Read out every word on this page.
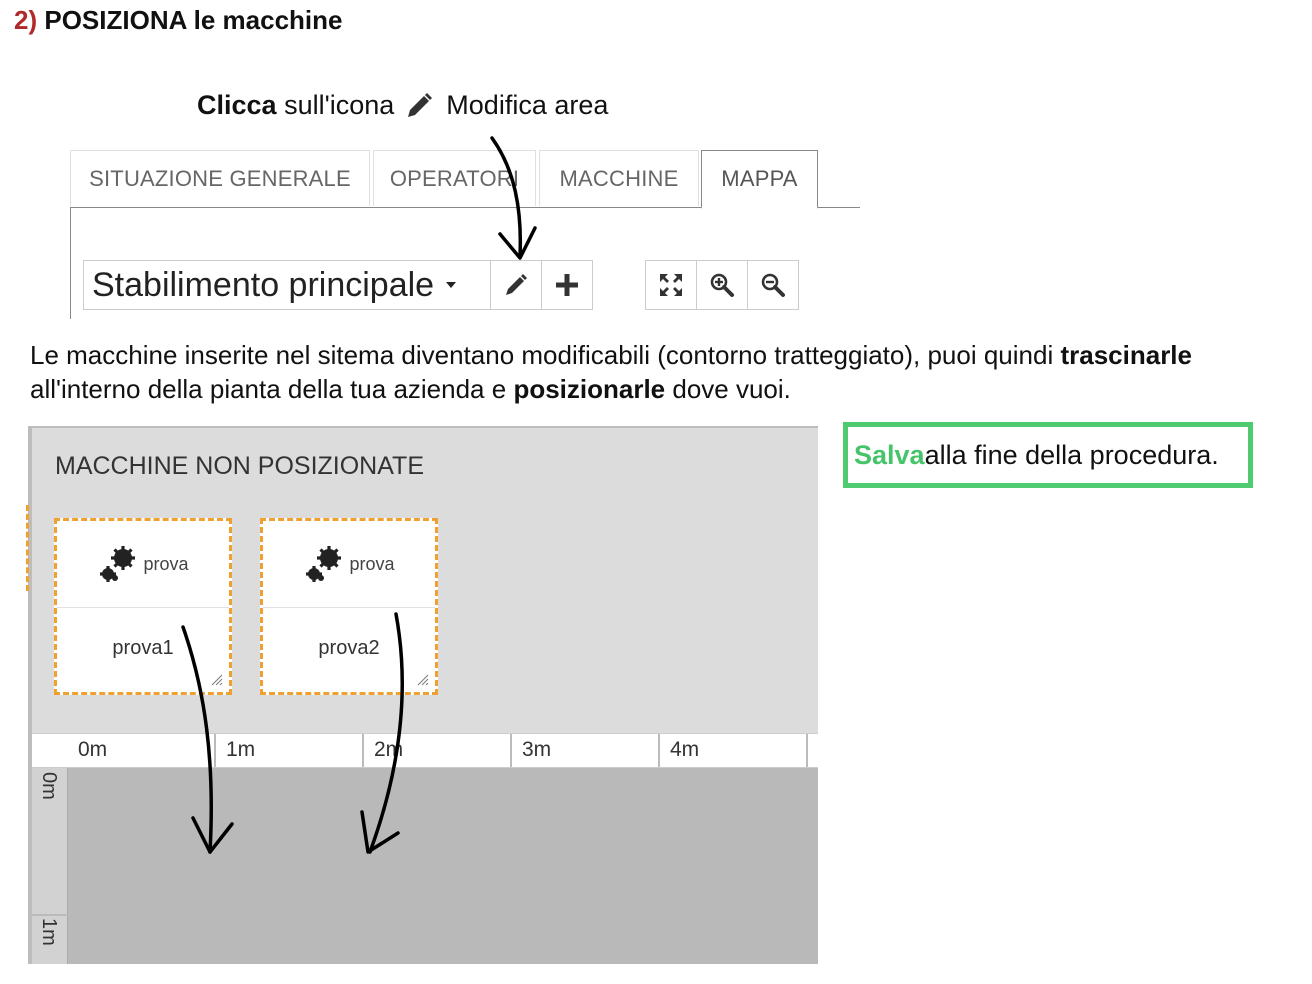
2) POSIZIONA le macchine
Clicca
sull'icona Modifica area
SITUAZIONE GENERALE	OPERATORI	MACCHINE	MAPPA
Stabilimento principale
Le macchine inserite nel sitema diventano modificabili (contorno tratteggiato), puoi quindi trascinarle
all'interno della pianta della tua azienda e posizionarle dove vuoi.
Salva alla fine della procedura.
MACCHINE NON POSIZIONATE
prova
prova1
prova
prova2
0m	1m	2m	3m	4m
0m
1m
